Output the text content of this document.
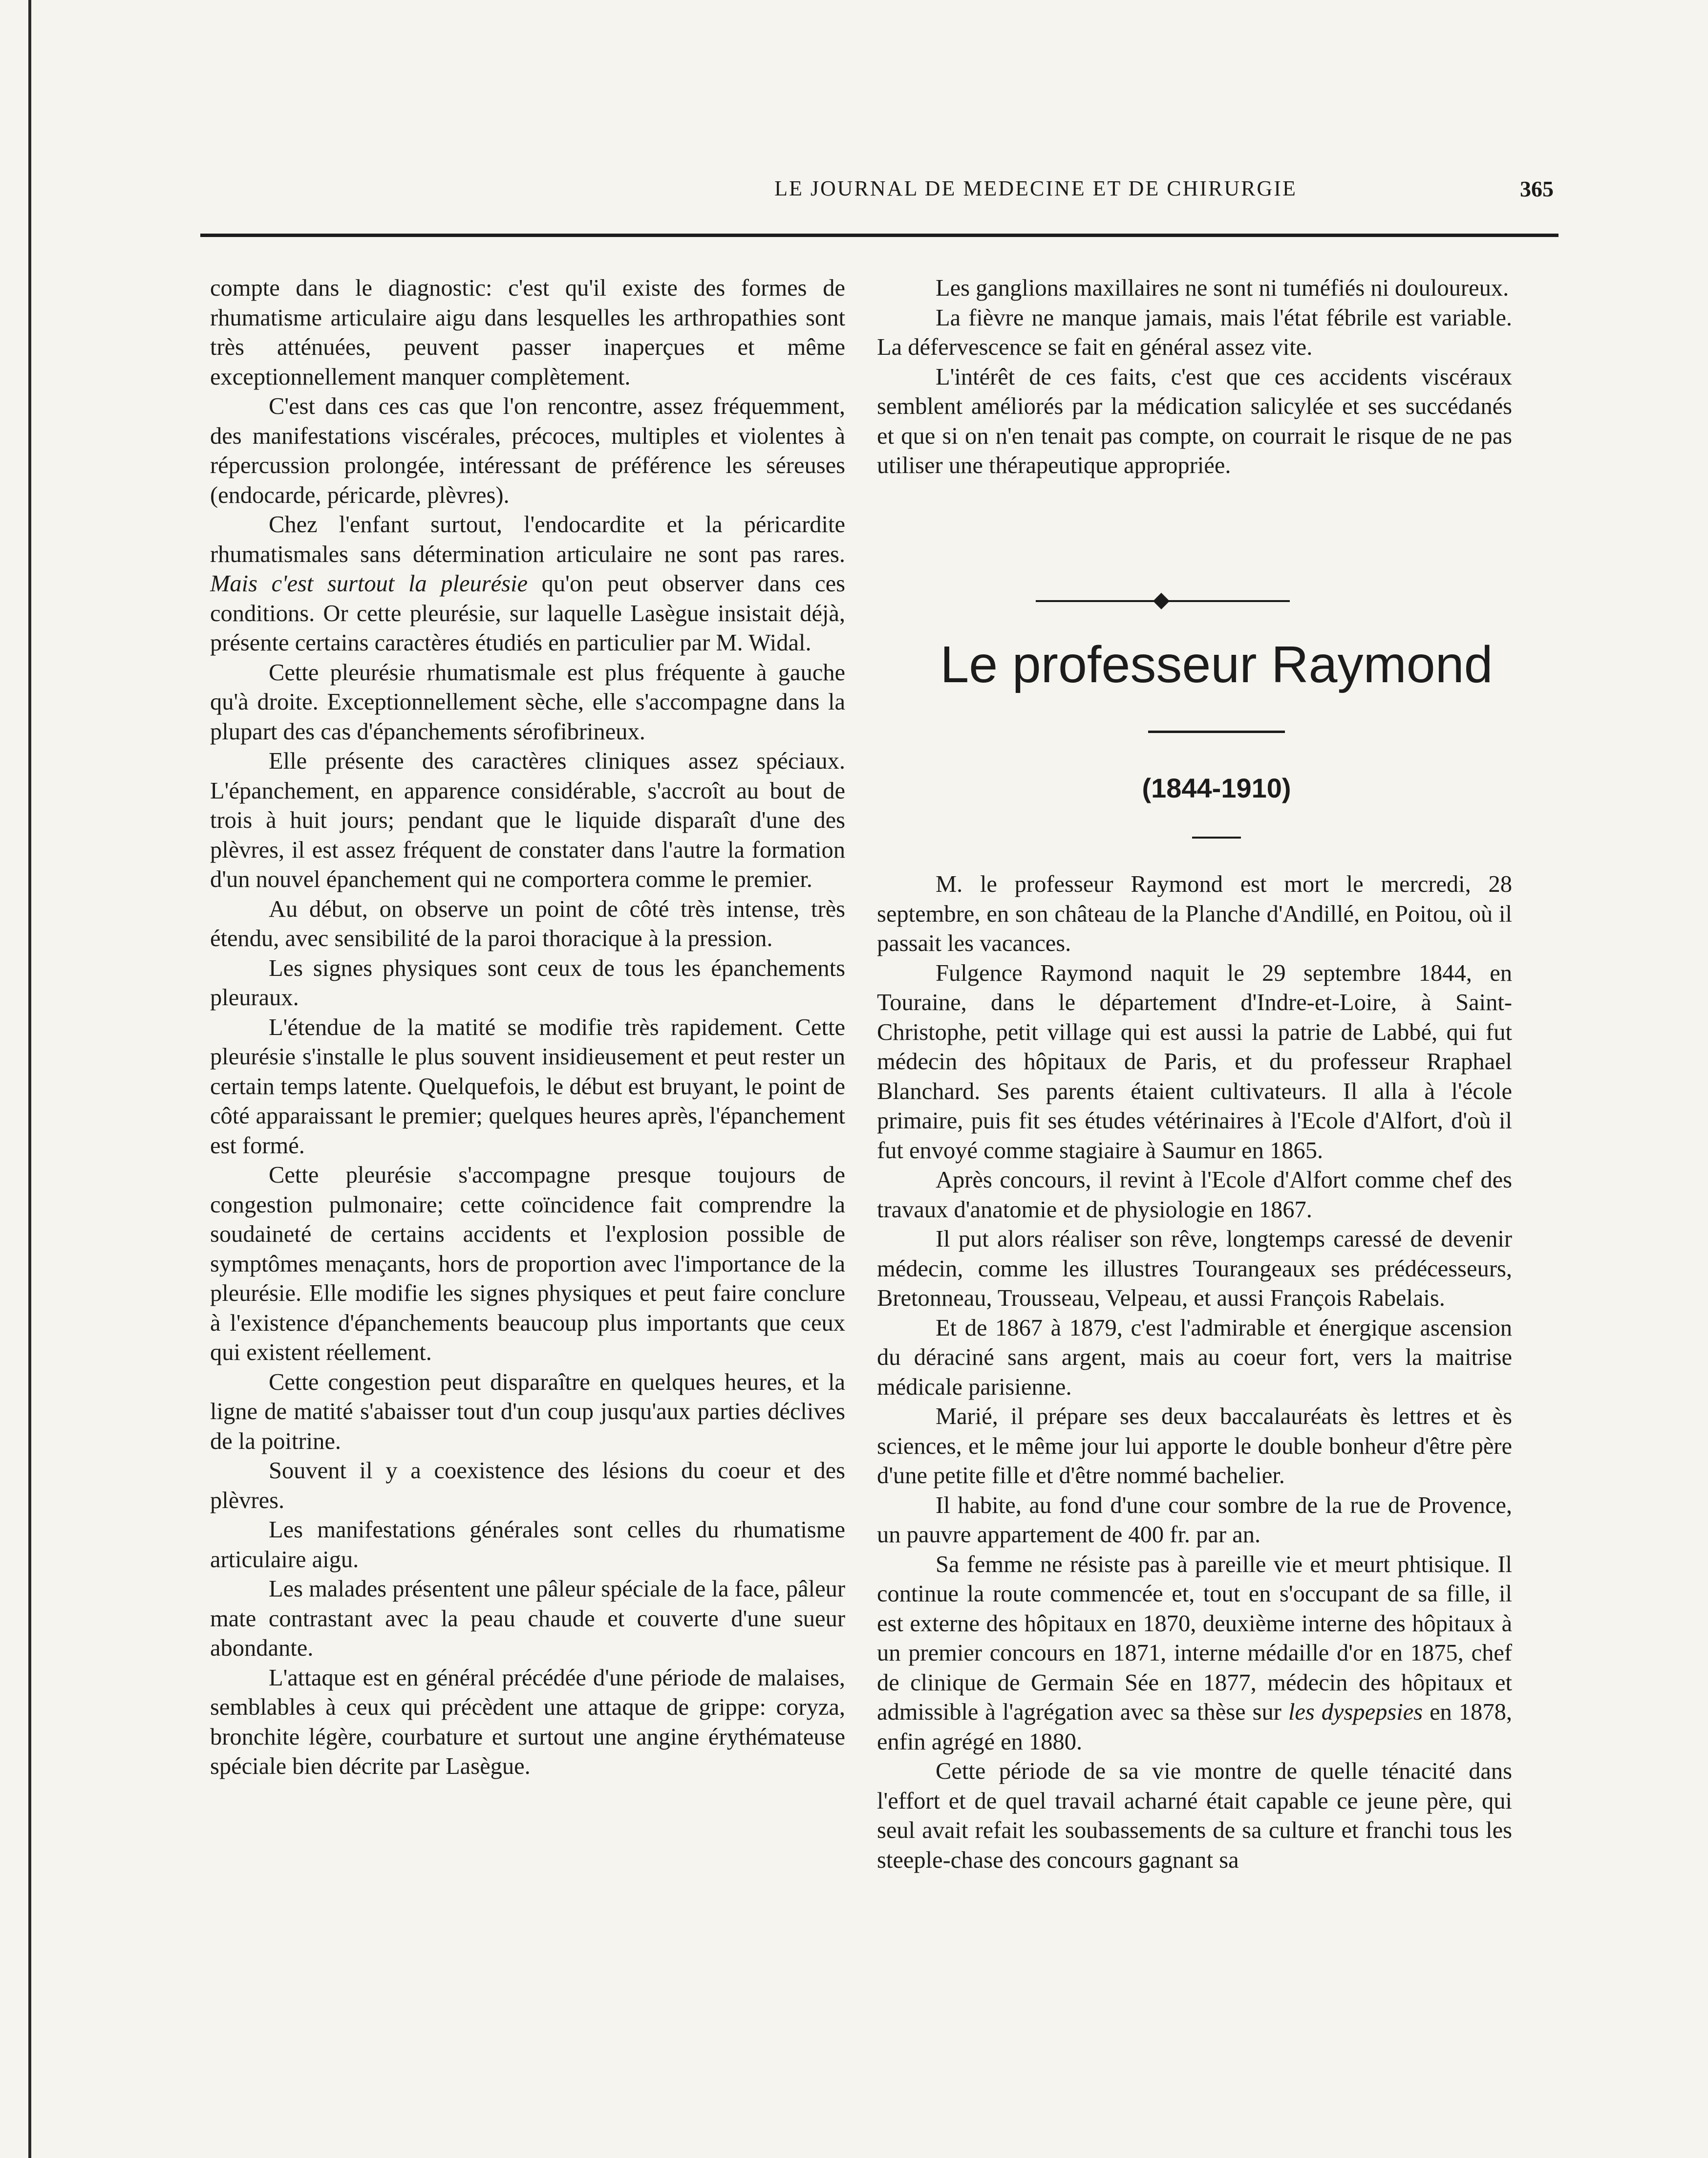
LE JOURNAL DE MEDECINE ET DE CHIRURGIE	365

compte dans le diagnostic: c'est qu'il existe des formes de rhumatisme articulaire aigu dans lesquelles les arthropathies sont très atténuées, peuvent passer inaperçues et même exceptionnellement manquer complètement.

C'est dans ces cas que l'on rencontre, assez fréquemment, des manifestations viscérales, précoces, multiples et violentes à répercussion prolongée, intéressant de préférence les séreuses (endocarde, péricarde, plèvres).

Chez l'enfant surtout, l'endocardite et la péricardite rhumatismales sans détermination articulaire ne sont pas rares. Mais c'est surtout la pleurésie qu'on peut observer dans ces conditions. Or cette pleurésie, sur laquelle Lasègue insistait déjà, présente certains caractères étudiés en particulier par M. Widal.

Cette pleurésie rhumatismale est plus fréquente à gauche qu'à droite. Exceptionnellement sèche, elle s'accompagne dans la plupart des cas d'épanchements sérofibrineux.

Elle présente des caractères cliniques assez spéciaux. L'épanchement, en apparence considérable, s'accroît au bout de trois à huit jours; pendant que le liquide disparaît d'une des plèvres, il est assez fréquent de constater dans l'autre la formation d'un nouvel épanchement qui ne comportera comme le premier.

Au début, on observe un point de côté très intense, très étendu, avec sensibilité de la paroi thoracique à la pression.

Les signes physiques sont ceux de tous les épanchements pleuraux.

L'étendue de la matité se modifie très rapidement. Cette pleurésie s'installe le plus souvent insidieusement et peut rester un certain temps latente. Quelquefois, le début est bruyant, le point de côté apparaissant le premier; quelques heures après, l'épanchement est formé.

Cette pleurésie s'accompagne presque toujours de congestion pulmonaire; cette coïncidence fait comprendre la soudaineté de certains accidents et l'explosion possible de symptômes menaçants, hors de proportion avec l'importance de la pleurésie. Elle modifie les signes physiques et peut faire conclure à l'existence d'épanchements beaucoup plus importants que ceux qui existent réellement.

Cette congestion peut disparaître en quelques heures, et la ligne de matité s'abaisser tout d'un coup jusqu'aux parties déclives de la poitrine.

Souvent il y a coexistence des lésions du coeur et des plèvres.

Les manifestations générales sont celles du rhumatisme articulaire aigu.

Les malades présentent une pâleur spéciale de la face, pâleur mate contrastant avec la peau chaude et couverte d'une sueur abondante.

L'attaque est en général précédée d'une période de malaises, semblables à ceux qui précèdent une attaque de grippe: coryza, bronchite légère, courbature et surtout une angine érythémateuse spéciale bien décrite par Lasègue.

Les ganglions maxillaires ne sont ni tuméfiés ni douloureux.

La fièvre ne manque jamais, mais l'état fébrile est variable. La défervescence se fait en général assez vite.

L'intérêt de ces faits, c'est que ces accidents viscéraux semblent améliorés par la médication salicylée et ses succédanés et que si on n'en tenait pas compte, on courrait le risque de ne pas utiliser une thérapeutique appropriée.

Le professeur Raymond
(1844-1910)

M. le professeur Raymond est mort le mercredi, 28 septembre, en son château de la Planche d'Andillé, en Poitou, où il passait les vacances.

Fulgence Raymond naquit le 29 septembre 1844, en Touraine, dans le département d'Indre-et-Loire, à Saint-Christophe, petit village qui est aussi la patrie de Labbé, qui fut médecin des hôpitaux de Paris, et du professeur Rraphael Blanchard. Ses parents étaient cultivateurs. Il alla à l'école primaire, puis fit ses études vétérinaires à l'Ecole d'Alfort, d'où il fut envoyé comme stagiaire à Saumur en 1865.

Après concours, il revint à l'Ecole d'Alfort comme chef des travaux d'anatomie et de physiologie en 1867.

Il put alors réaliser son rêve, longtemps caressé de devenir médecin, comme les illustres Tourangeaux ses prédécesseurs, Bretonneau, Trousseau, Velpeau, et aussi François Rabelais.

Et de 1867 à 1879, c'est l'admirable et énergique ascension du déraciné sans argent, mais au coeur fort, vers la maitrise médicale parisienne.

Marié, il prépare ses deux baccalauréats ès lettres et ès sciences, et le même jour lui apporte le double bonheur d'être père d'une petite fille et d'être nommé bachelier.

Il habite, au fond d'une cour sombre de la rue de Provence, un pauvre appartement de 400 fr. par an.

Sa femme ne résiste pas à pareille vie et meurt phtisique. Il continue la route commencée et, tout en s'occupant de sa fille, il est externe des hôpitaux en 1870, deuxième interne des hôpitaux à un premier concours en 1871, interne médaille d'or en 1875, chef de clinique de Germain Sée en 1877, médecin des hôpitaux et admissible à l'agrégation avec sa thèse sur les dyspepsies en 1878, enfin agrégé en 1880.

Cette période de sa vie montre de quelle ténacité dans l'effort et de quel travail acharné était capable ce jeune père, qui seul avait refait les soubassements de sa culture et franchi tous les steeple-chase des concours gagnant sa
